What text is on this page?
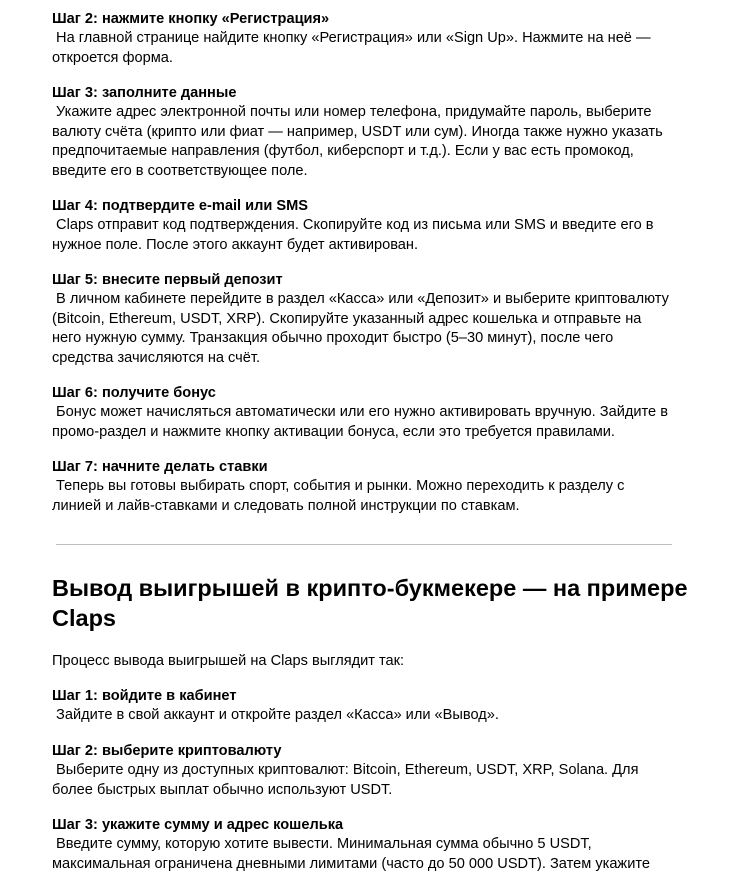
Шаг 2: нажмите кнопку «Регистрация»
На главной странице найдите кнопку «Регистрация» или «Sign Up». Нажмите на неё —
откроется форма.
Шаг 3: заполните данные
Укажите адрес электронной почты или номер телефона, придумайте пароль, выберите
валюту счёта (крипто или фиат — например, USDT или сум). Иногда также нужно указать
предпочитаемые направления (футбол, киберспорт и т.д.). Если у вас есть промокод,
введите его в соответствующее поле.
Шаг 4: подтвердите e-mail или SMS
Claps отправит код подтверждения. Скопируйте код из письма или SMS и введите его в
нужное поле. После этого аккаунт будет активирован.
Шаг 5: внесите первый депозит
В личном кабинете перейдите в раздел «Касса» или «Депозит» и выберите криптовалюту
(Bitcoin, Ethereum, USDT, XRP). Скопируйте указанный адрес кошелька и отправьте на
него нужную сумму. Транзакция обычно проходит быстро (5–30 минут), после чего
средства зачисляются на счёт.
Шаг 6: получите бонус
Бонус может начисляться автоматически или его нужно активировать вручную. Зайдите в
промо-раздел и нажмите кнопку активации бонуса, если это требуется правилами.
Шаг 7: начните делать ставки
Теперь вы готовы выбирать спорт, события и рынки. Можно переходить к разделу с
линией и лайв-ставками и следовать полной инструкции по ставкам.
Вывод выигрышей в крипто-букмекере — на примере
Claps
Процесс вывода выигрышей на Claps выглядит так:
Шаг 1: войдите в кабинет
Зайдите в свой аккаунт и откройте раздел «Касса» или «Вывод».
Шаг 2: выберите криптовалюту
Выберите одну из доступных криптовалют: Bitcoin, Ethereum, USDT, XRP, Solana. Для
более быстрых выплат обычно используют USDT.
Шаг 3: укажите сумму и адрес кошелька
Введите сумму, которую хотите вывести. Минимальная сумма обычно 5 USDT,
максимальная ограничена дневными лимитами (часто до 50 000 USDT). Затем укажите
